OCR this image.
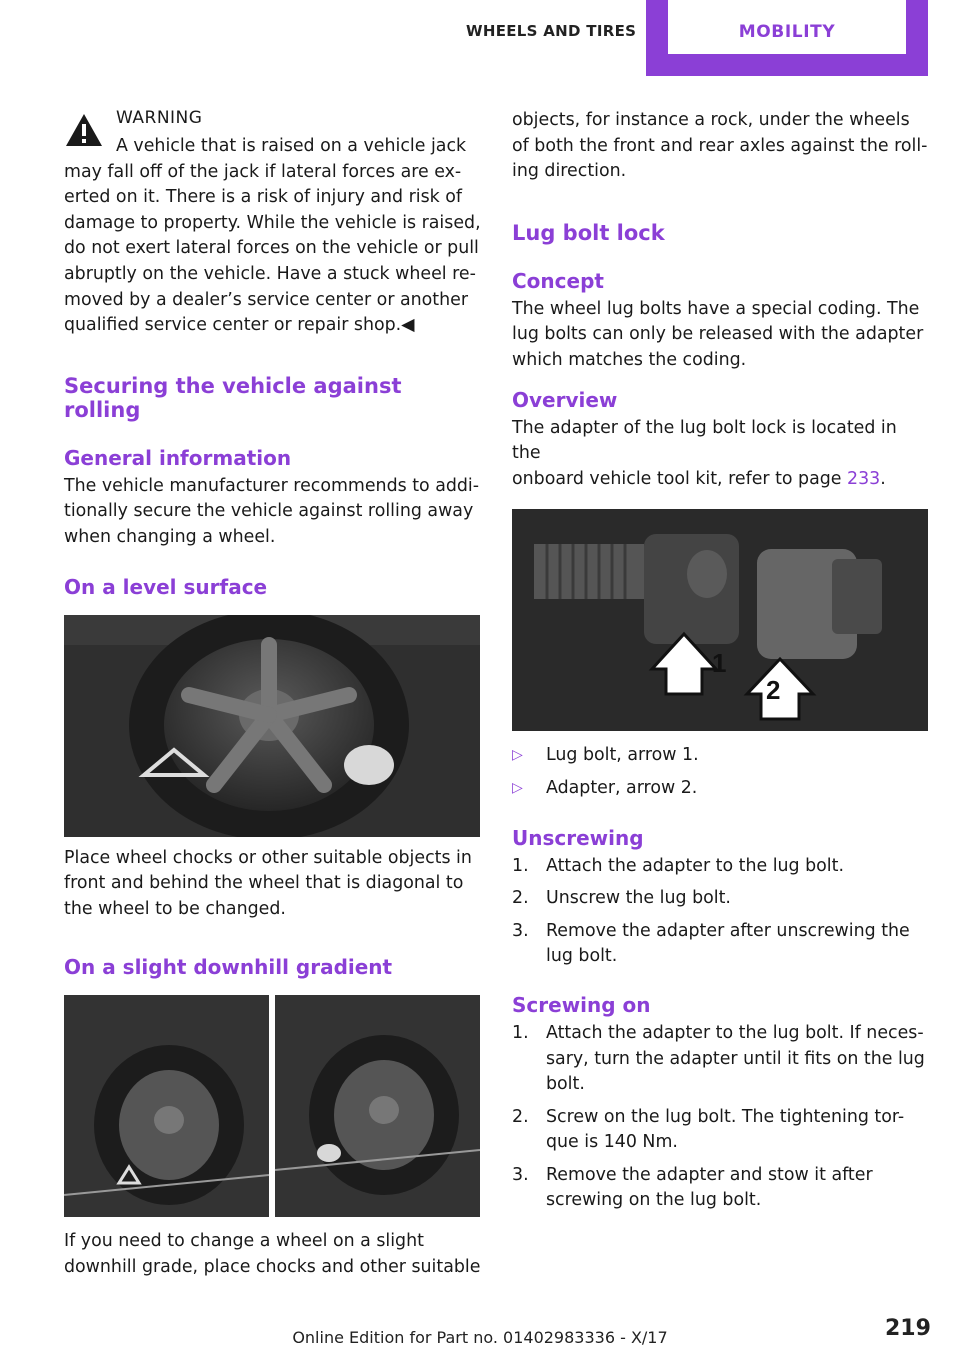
WHEELS AND TIRES	MOBILITY

WARNING

A vehicle that is raised on a vehicle jack

may fall off of the jack if lateral forces are ex-
erted on it. There is a risk of injury and risk of
damage to property. While the vehicle is raised,
do not exert lateral forces on the vehicle or pull
abruptly on the vehicle. Have a stuck wheel re-
moved by a dealer’s service center or another
qualified service center or repair shop.◀

Securing the vehicle against rolling

General information

The vehicle manufacturer recommends to addi-
tionally secure the vehicle against rolling away
when changing a wheel.

On a level surface

Place wheel chocks or other suitable objects in
front and behind the wheel that is diagonal to
the wheel to be changed.

On a slight downhill gradient

If you need to change a wheel on a slight
downhill grade, place chocks and other suitable

objects, for instance a rock, under the wheels
of both the front and rear axles against the roll-
ing direction.

Lug bolt lock

Concept

The wheel lug bolts have a special coding. The
lug bolts can only be released with the adapter
which matches the coding.

Overview

The adapter of the lug bolt lock is located in the
onboard vehicle tool kit, refer to page 233.

1
2
▷ Lug bolt, arrow 1.
▷ Adapter, arrow 2.

Unscrewing

1. Attach the adapter to the lug bolt.
2. Unscrew the lug bolt.
3. Remove the adapter after unscrewing the
lug bolt.

Screwing on

1. Attach the adapter to the lug bolt. If neces-
sary, turn the adapter until it fits on the lug
bolt.
2. Screw on the lug bolt. The tightening tor-
que is 140 Nm.
3. Remove the adapter and stow it after
screwing on the lug bolt.
219
Online Edition for Part no. 01402983336 - X/17
